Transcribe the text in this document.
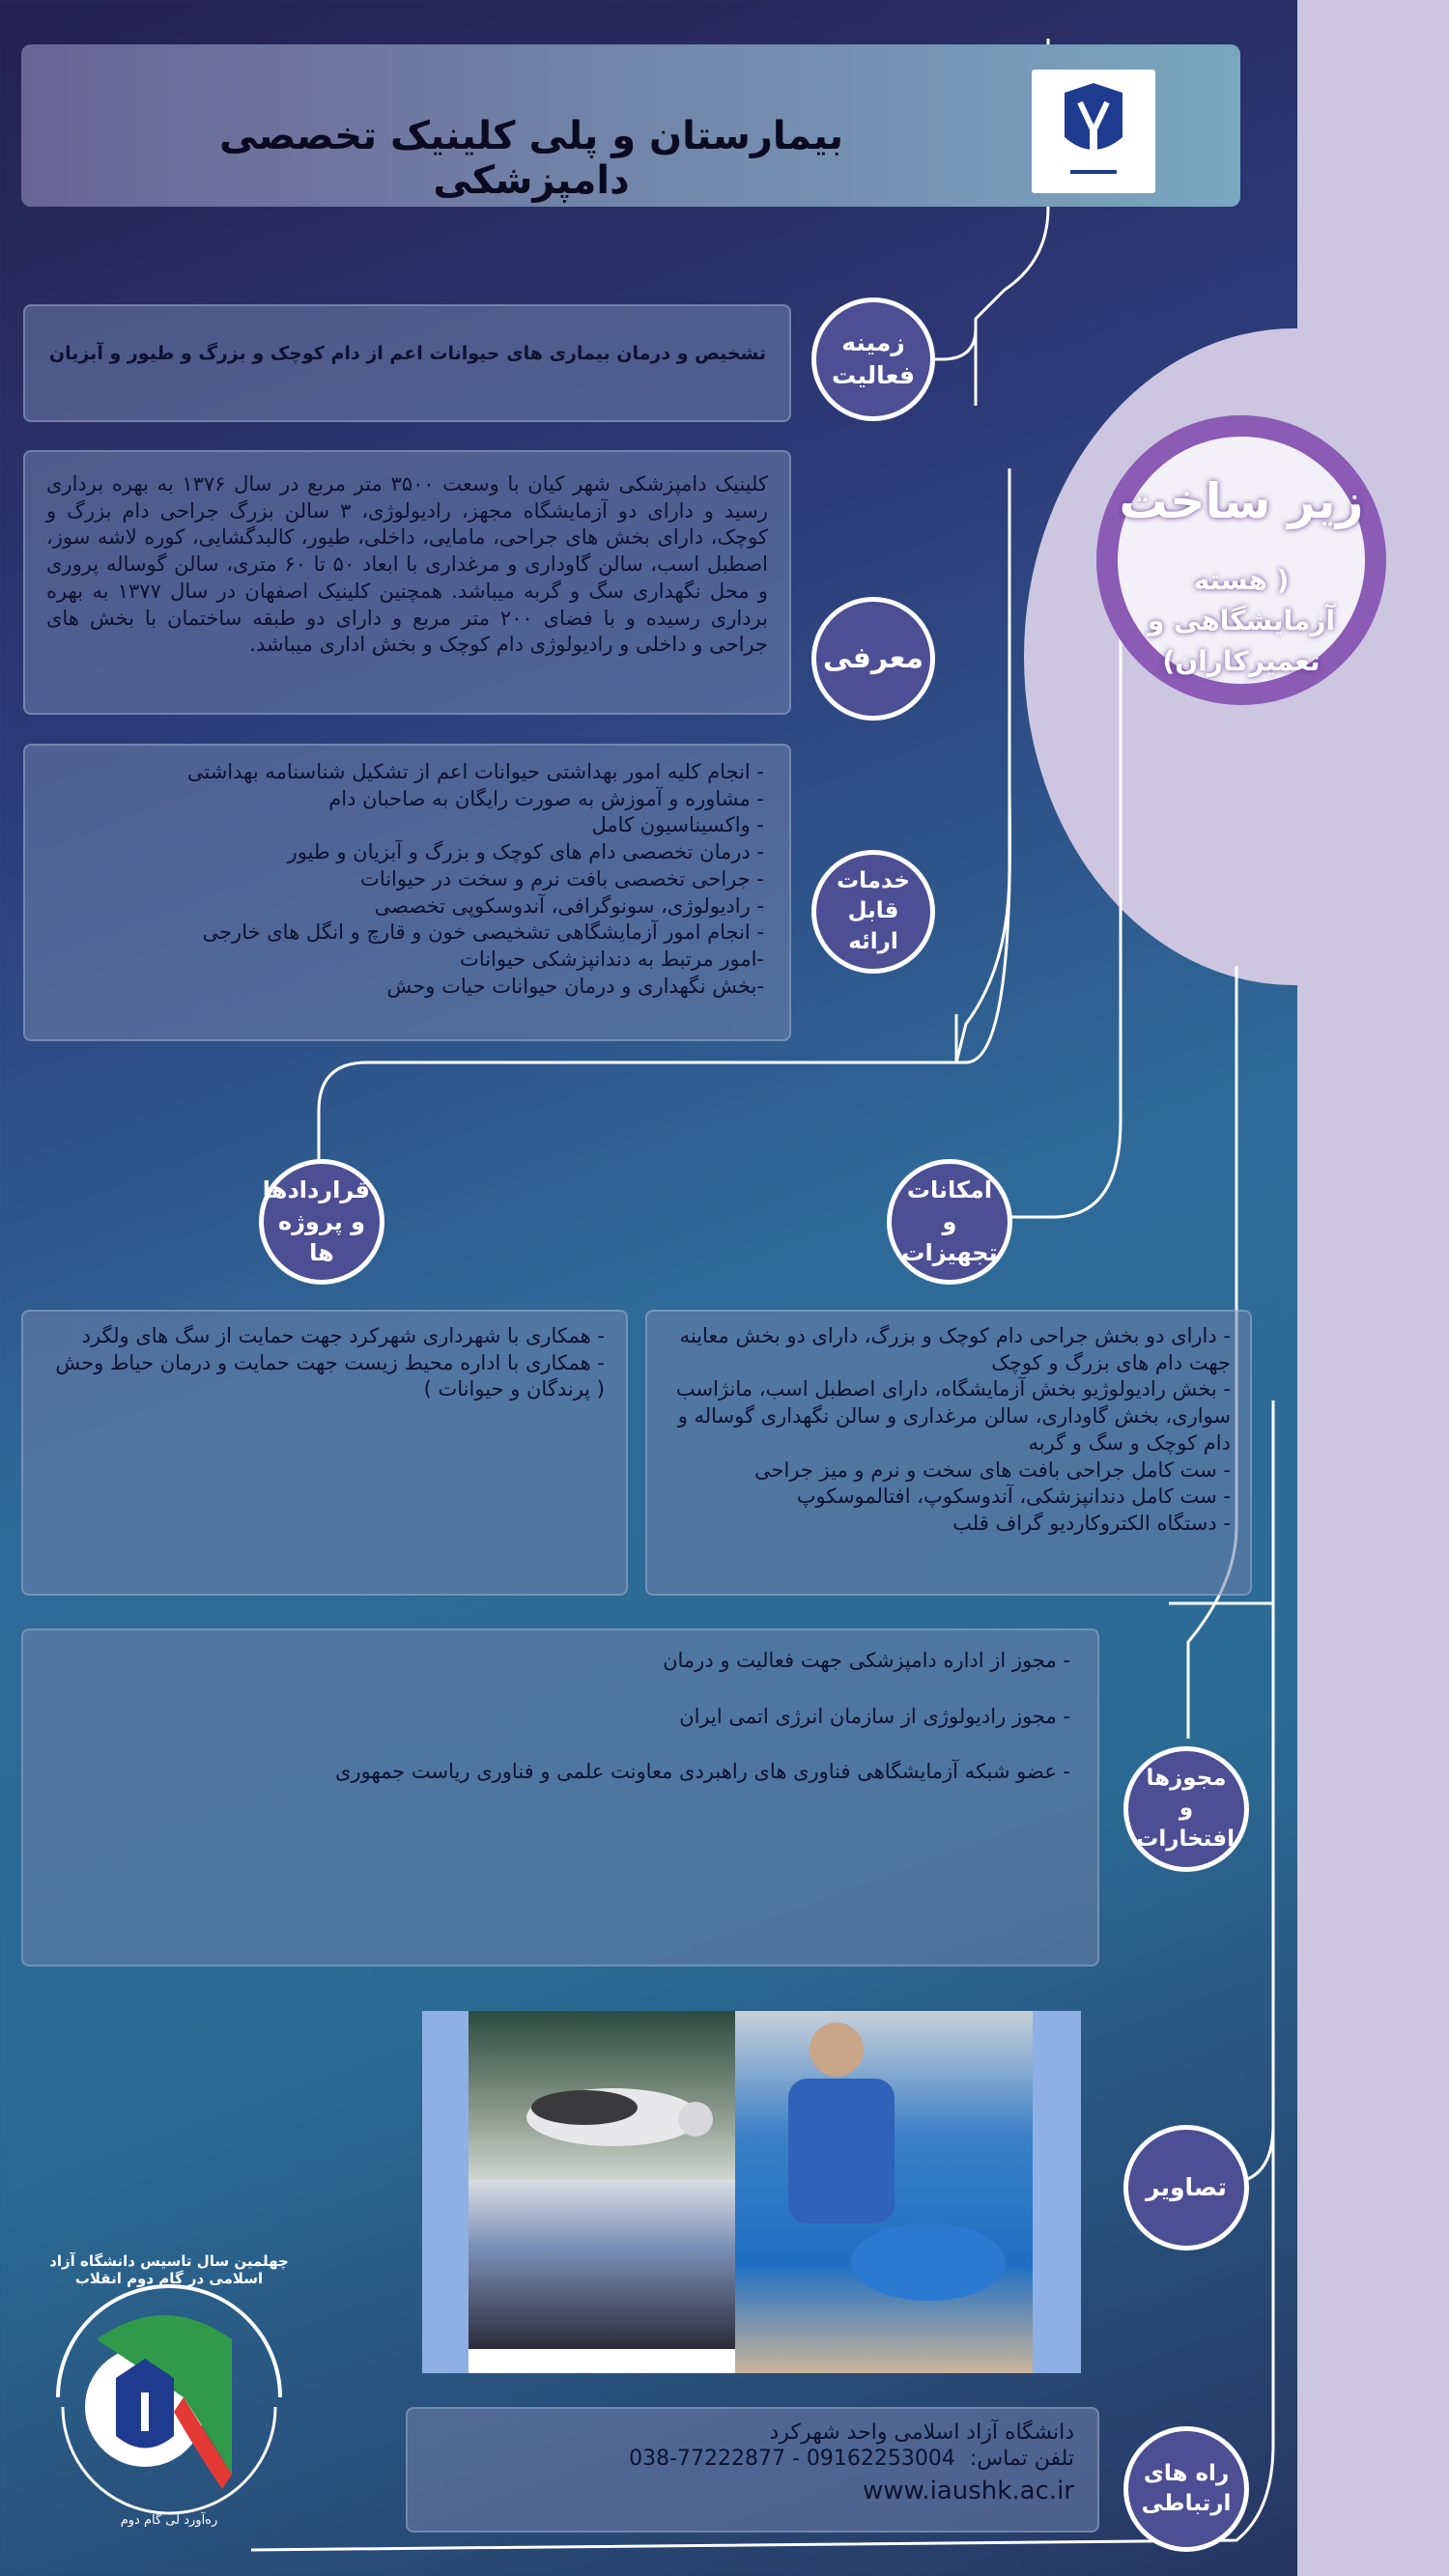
بیمارستان و پلی کلینیک تخصصی دامپزشکی
زیر ساخت
( هسته آزمایشگاهی و تعمیرکاران)
تشخیص و درمان بیماری های حیوانات اعم از دام کوچک و بزرگ و طیور و آبزیان	زمینه فعالیت
کلینیک دامپزشکی شهر کیان با وسعت ۳۵۰۰ متر مربع در سال ۱۳۷۶ به بهره برداری رسید و دارای دو آزمایشگاه مجهز، رادیولوژی، ۳ سالن بزرگ جراحی دام بزرگ و کوچک، دارای بخش های جراحی، مامایی، داخلی، طیور، کالبدگشایی، کوره لاشه سوز، اصطبل اسب، سالن گاوداری و مرغداری با ابعاد ۵۰ تا ۶۰ متری، سالن گوساله پروری و محل نگهداری سگ و گربه میباشد. همچنین کلینیک اصفهان در سال ۱۳۷۷ به بهره برداری رسیده و با فضای ۲۰۰ متر مربع و دارای دو طبقه ساختمان با بخش های جراحی و داخلی و رادیولوژی دام کوچک و بخش اداری میباشد. معرفی
- انجام کلیه امور بهداشتی حیوانات اعم از تشکیل شناسنامه بهداشتی
- مشاوره و آموزش به صورت رایگان به صاحبان دام
- واکسیناسیون کامل
- درمان تخصصی دام های کوچک و بزرگ و آبزیان و طیور
- جراحی تخصصی بافت نرم و سخت در حیوانات
- رادیولوژی، سونوگرافی، آندوسکوپی تخصصی
- انجام امور آزمایشگاهی تشخیصی خون و قارچ و انگل های خارجی
-امور مرتبط به دندانپزشکی حیوانات
-بخش نگهداری و درمان حیوانات حیات وحش
خدمات قابل ارائه
قراردادها و پروژه ها
امکانات و تجهیزات
- همکاری با شهرداری شهرکرد جهت حمایت از سگ های ولگرد
- همکاری با اداره محیط زیست جهت حمایت و درمان حیاط وحش ( پرندگان و حیوانات )
- دارای دو بخش جراحی دام کوچک و بزرگ، دارای دو بخش معاینه جهت دام های بزرگ و کوچک
- بخش رادیولوژیو بخش آزمایشگاه، دارای اصطبل اسب، مانژاسب سواری، بخش گاوداری، سالن مرغداری و سالن نگهداری گوساله و دام کوچک و سگ و گربه
- ست کامل جراحی بافت های سخت و نرم و میز جراحی
- ست کامل دندانپزشکی، آندوسکوپ، افتالموسکوپ
- دستگاه الکتروکاردیو گراف قلب
- مجوز از اداره دامپزشکی جهت فعالیت و درمان
- مجوز رادیولوژی از سازمان انرژی اتمی ایران
- عضو شبکه آزمایشگاهی فناوری های راهبردی معاونت علمی و فناوری ریاست جمهوری	مجوزها و افتخارات
تصاویر
دانشگاه آزاد اسلامی واحد شهرکرد
تلفن تماس: 038-77222877 - 09162253004
www.iaushk.ac.ir
راه های ارتباطی
چهلمین سال تاسیس دانشگاه آزاد اسلامی در گام دوم انقلاب
ره‌آورد لی گام دوم
